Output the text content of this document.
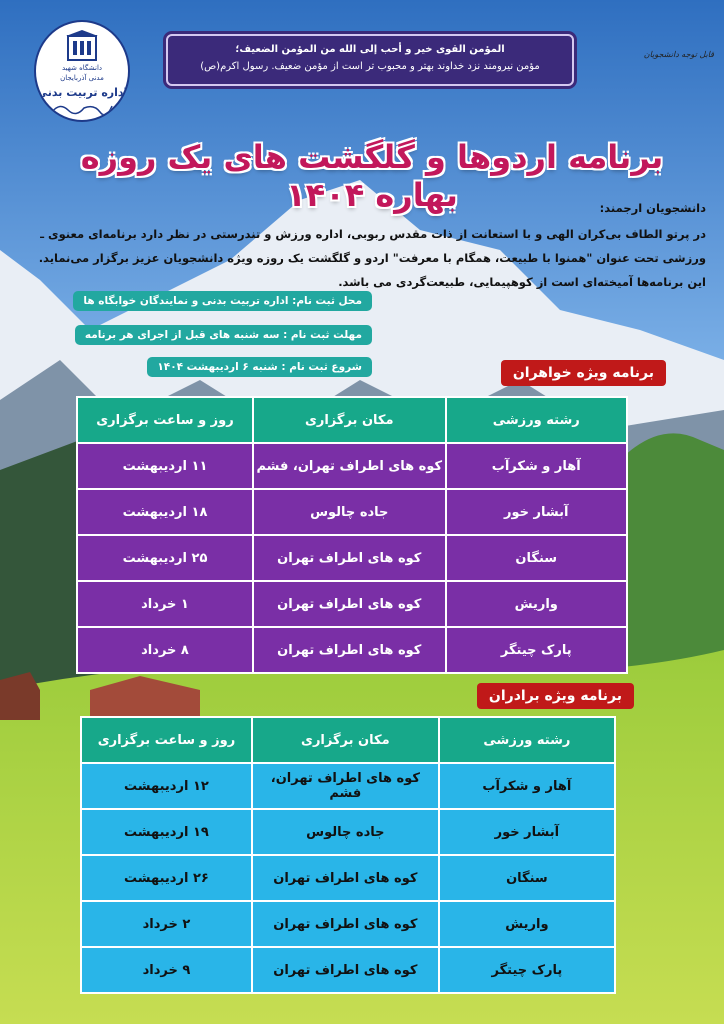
دانشگاه شهید
مدنی آذربایجان
اداره تربیت بدنی
المؤمن القوی خیر و أحب إلی الله من المؤمن الضعیف؛
مؤمن نیرومند نزد خداوند بهتر و محبوب تر است از مؤمن ضعیف. رسول اکرم(ص)
قابل توجه دانشجویان
برنامه اردوها و گلگشت های یک روزه بهاره ۱۴۰۴	دانشجویان ارجمند:

در پرتو الطاف بی‌کران الهی و با استعانت از ذات مقدس ربوبی، اداره ورزش و تندرستی در نظر دارد برنامه‌ای معنوی ـ ورزشی تحت عنوان "همنوا با طبیعت، همگام با معرفت" اردو و گلگشت یک روزه ویژه دانشجویان عزیز برگزار می‌نماید. این برنامه‌ها آمیخته‌ای است از کوهپیمایی، طبیعت‌گردی می باشد.

محل ثبت نام: اداره تربیت بدنی و نمایندگان خوابگاه ها
مهلت ثبت نام : سه شنبه های قبل از اجرای هر برنامه
شروع ثبت نام : شنبه ۶ اردیبهشت ۱۴۰۴	برنامه ویژه خواهران
رشته ورزشی	مکان برگزاری	روز و ساعت برگزاری
آهار و شکرآب	کوه های اطراف تهران، فشم	۱۱ اردیبهشت
آبشار خور	جاده چالوس	۱۸ اردیبهشت
سنگان	کوه های اطراف تهران	۲۵ اردیبهشت
واریش	کوه های اطراف تهران	۱ خرداد
پارک چیتگر	کوه های اطراف تهران	۸ خرداد
برنامه ویژه برادران
رشته ورزشی	مکان برگزاری	روز و ساعت برگزاری
آهار و شکرآب	کوه های اطراف تهران، فشم	۱۲ اردیبهشت
آبشار خور	جاده چالوس	۱۹ اردیبهشت
سنگان	کوه های اطراف تهران	۲۶ اردیبهشت
واریش	کوه های اطراف تهران	۲ خرداد
پارک چیتگر	کوه های اطراف تهران	۹ خرداد
